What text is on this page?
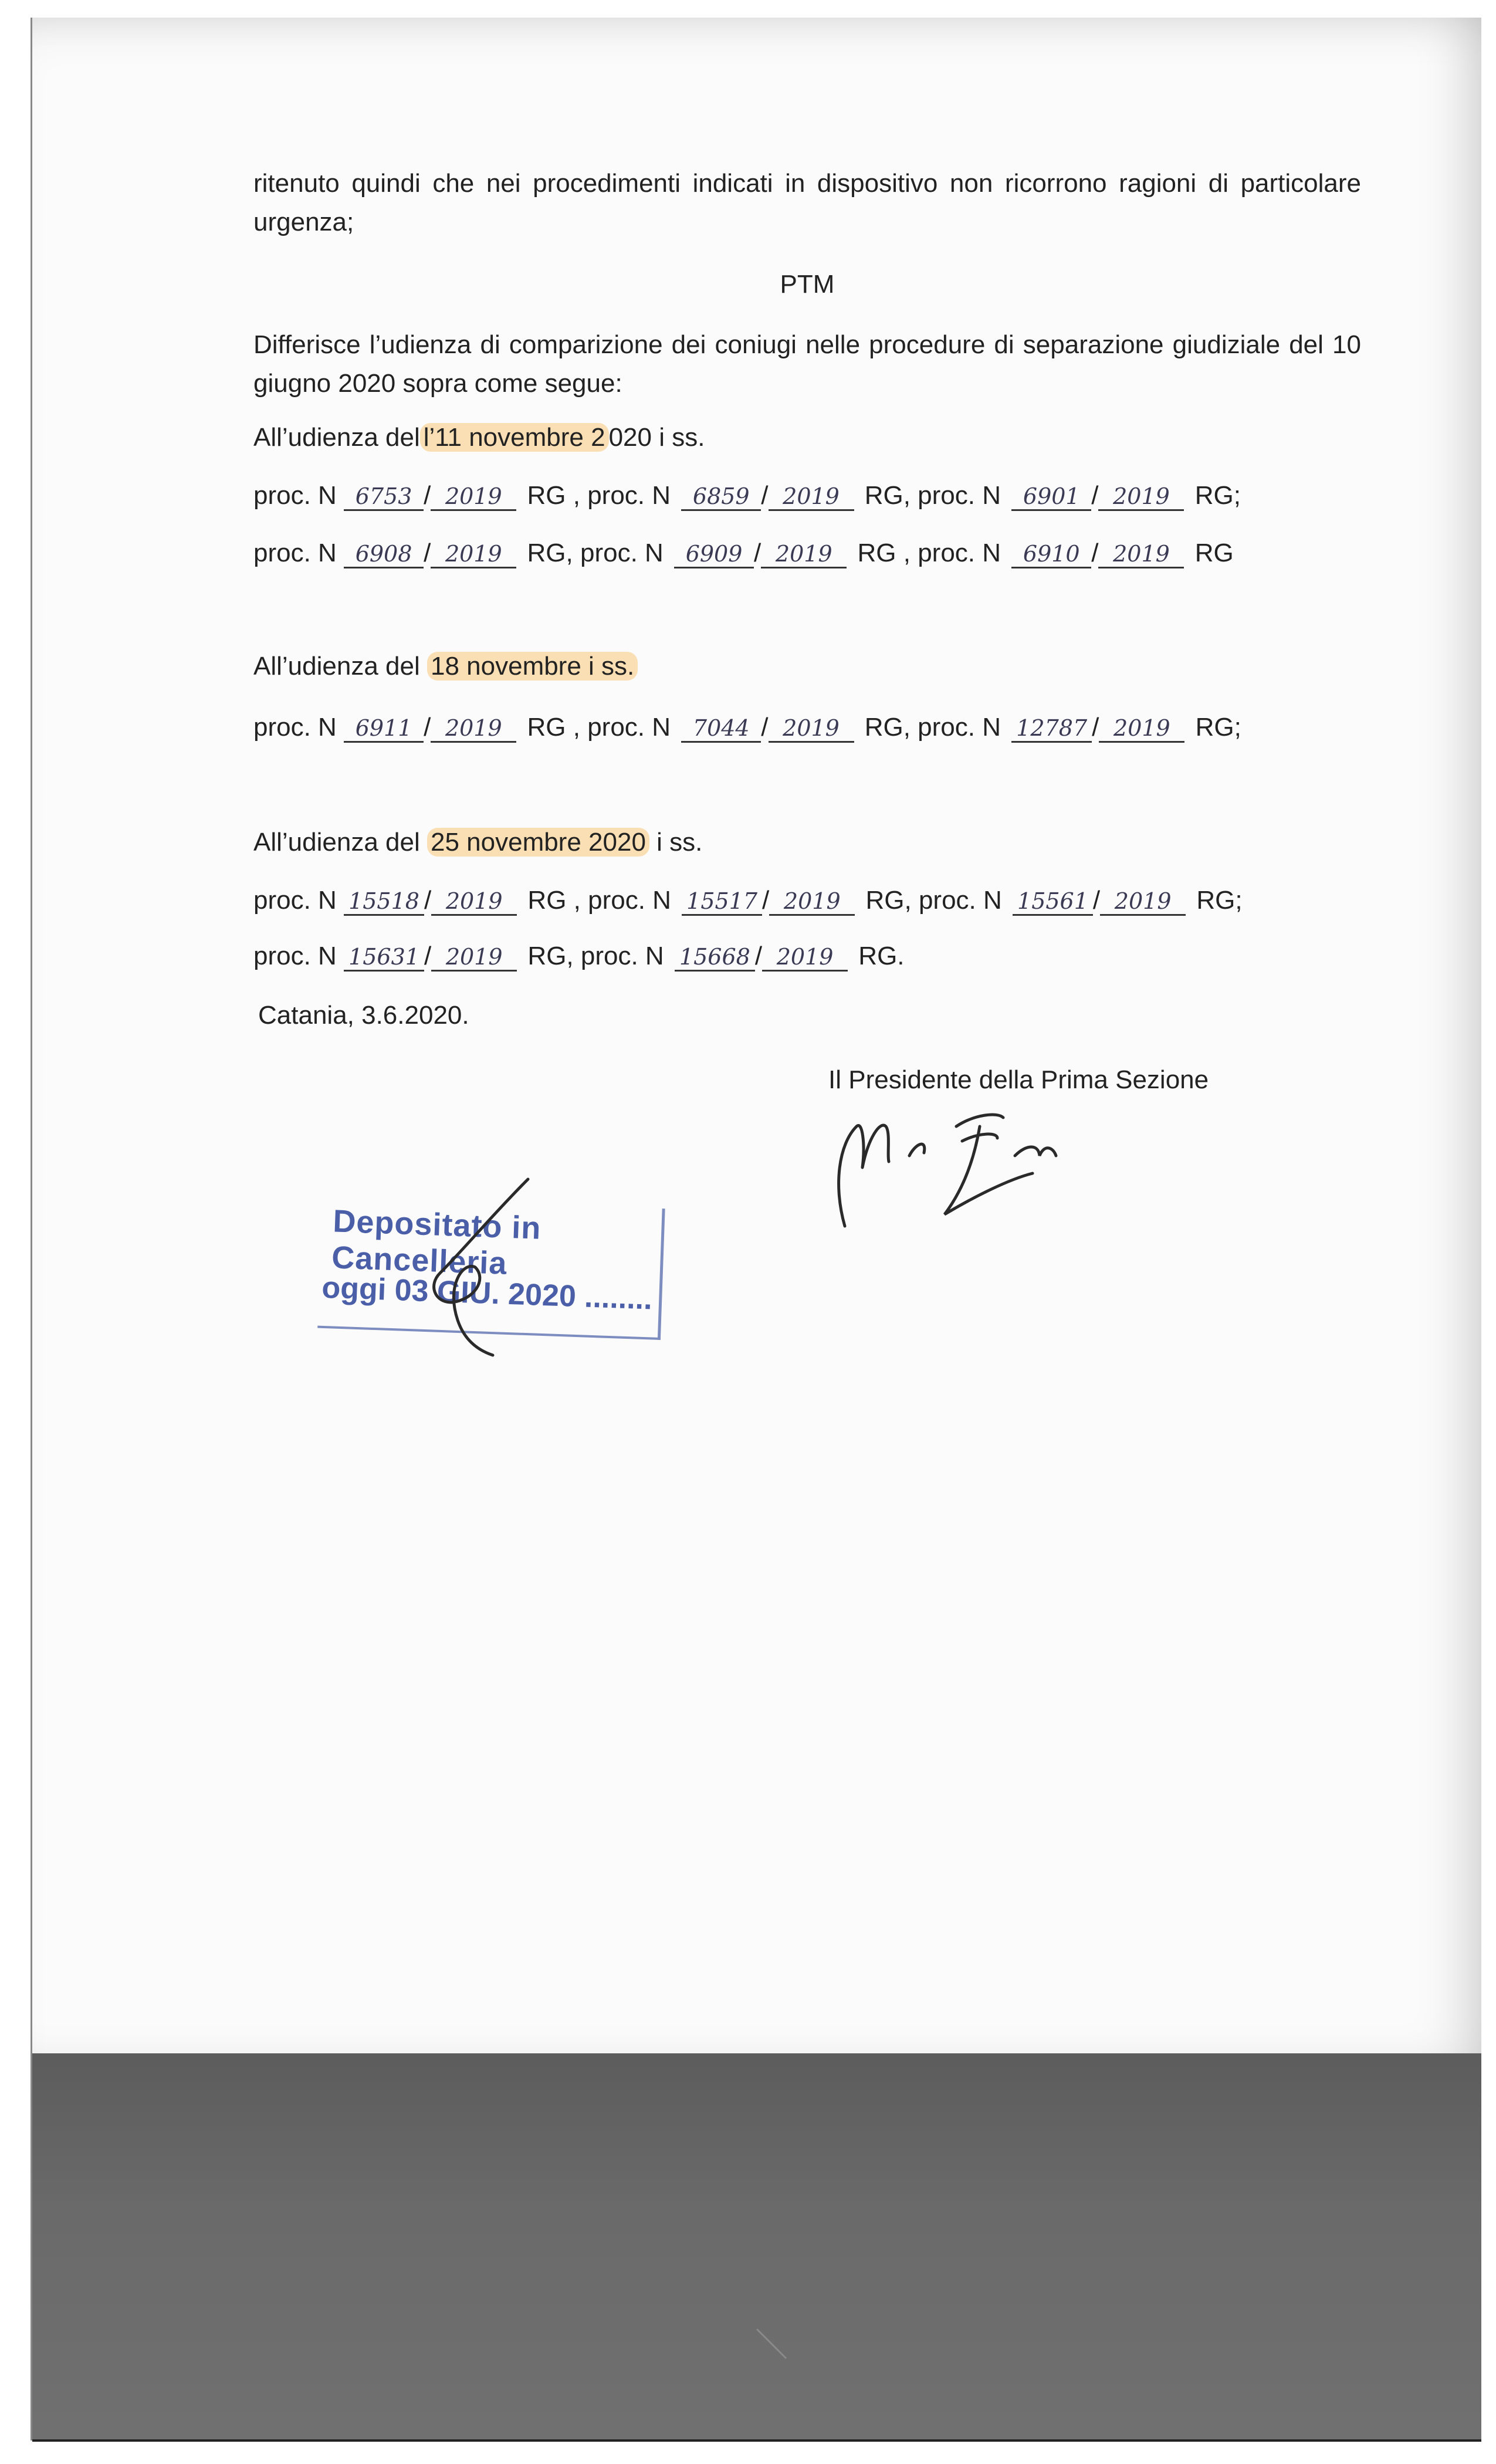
ritenuto quindi che nei procedimenti indicati in dispositivo non ricorrono ragioni di particolare urgenza;
PTM
Differisce l’udienza di comparizione dei coniugi nelle procedure di separazione giudiziale del 10 giugno 2020 sopra come segue:
All’udienza del l’11 novembre 2 020 i ss.
proc. N 6753 / 2019 RG , proc. N 6859 / 2019 RG, proc. N 6901 / 2019 RG;
proc. N 6908 / 2019 RG, proc. N 6909 / 2019 RG , proc. N 6910 / 2019 RG
All’udienza del 18 novembre i ss.
proc. N 6911 / 2019 RG , proc. N 7044 / 2019 RG, proc. N 12787 / 2019 RG;
All’udienza del 25 novembre 2020 i ss.
proc. N 15518 / 2019 RG , proc. N 15517 / 2019 RG, proc. N 15561 / 2019 RG;
proc. N 15631 / 2019 RG, proc. N 15668 / 2019 RG.
Catania, 3.6.2020.
Il Presidente della Prima Sezione
Depositato in Cancelleria
oggi 03 GIU. 2020 ........
